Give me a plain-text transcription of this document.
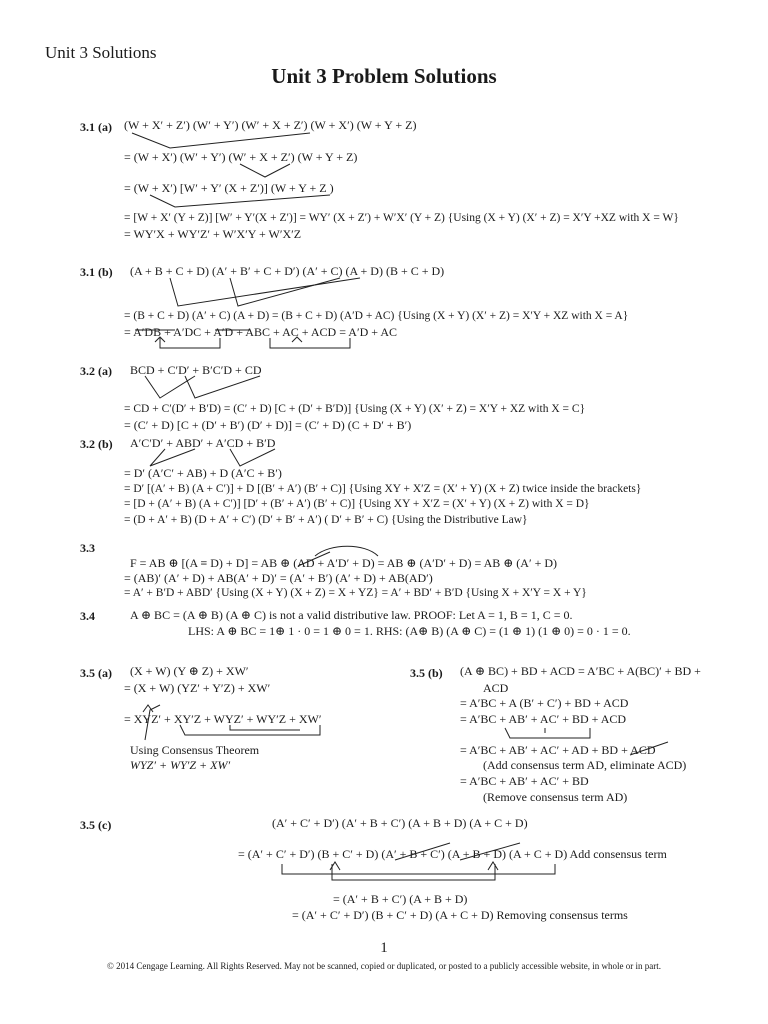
Unit 3 Solutions
Unit 3 Problem Solutions
3.1 (a) (W + X′ + Z′) (W′ + Y′) (W′ + X + Z′) (W + X′) (W + Y + Z)
= (W + X′) (W′ + Y′) (W′ + X + Z′) (W + Y + Z)
= (W + X′) [W′ + Y′ (X + Z′)] (W + Y + Z )
= [W + X′ (Y + Z)] [W′ + Y′(X + Z′)] = WY′ (X + Z′) + W′X′ (Y + Z) {Using (X + Y) (X′ + Z) = X′Y +XZ with X = W}
= WY′X + WY′Z′ + W′X′Y + W′X′Z
3.1 (b) (A + B + C + D) (A′ + B′ + C + D′) (A′ + C) (A + D) (B + C + D)
= (B + C + D) (A′ + C) (A + D) = (B + C + D) (A′D + AC) {Using (X + Y) (X′ + Z) = X′Y + XZ with X = A}
= A′DB + A′DC + A′D + ABC + AC + ACD = A′D + AC
3.2 (a) BCD + C′D′ + B′C′D + CD
= CD + C′(D′ + B′D) = (C′ + D) [C + (D′ + B′D)] {Using (X + Y) (X′ + Z) = X′Y + XZ with X = C}
= (C′ + D) [C + (D′ + B′) (D′ + D)] = (C′ + D) (C + D′ + B′)
3.2 (b) A′C′D′ + ABD′ + A′CD + B′D
= D′ (A′C′ + AB) + D (A′C + B′)
= D′ [(A′ + B) (A + C′)] + D [(B′ + A′) (B′ + C)] {Using XY + X′Z = (X′ + Y) (X + Z) twice inside the brackets}
= [D + (A′ + B) (A + C′)] [D′ + (B′ + A′) (B′ + C)] {Using XY + X′Z = (X′ + Y) (X + Z) with X = D}
= (D + A′ + B) (D + A′ + C′) (D′ + B′ + A′) ( D′ + B′ + C) {Using the Distributive Law}
3.3
F = AB ⊕ [(A ≡ D) + D] = AB ⊕ (AD + A′D′ + D) = AB ⊕ (A′D′ + D) = AB ⊕ (A′ + D)
= (AB)′ (A′ + D) + AB(A′ + D)′ = (A′ + B′) (A′ + D) + AB(AD′)
= A′ + B′D + ABD′ {Using (X + Y) (X + Z) = X + YZ} = A′ + BD′ + B′D {Using X + X′Y = X + Y}
3.4	A ⊕ BC = (A ⊕ B) (A ⊕ C) is not a valid distributive law. PROOF: Let A = 1, B = 1, C = 0.
LHS: A ⊕ BC = 1⊕ 1 · 0 = 1 ⊕ 0 = 1. RHS: (A⊕ B) (A ⊕ C) = (1 ⊕ 1) (1 ⊕ 0) = 0 · 1 = 0.
3.5 (a) (X + W) (Y ⊕ Z) + XW′
= (X + W) (YZ′ + Y′Z) + XW′
= XYZ′ + XY′Z + WYZ′ + WY′Z + XW′
Using Consensus Theorem
WYZ′ + WY′Z + XW′
3.5 (b) (A ⊕ BC) + BD + ACD = A′BC + A(BC)′ + BD +
ACD
= A′BC + A (B′ + C′) + BD + ACD
= A′BC + AB′ + AC′ + BD + ACD
= A′BC + AB′ + AC′ + AD + BD + ACD
(Add consensus term AD, eliminate ACD)
= A′BC + AB′ + AC′ + BD
(Remove consensus term AD)
3.5 (c)	(A′ + C′ + D′) (A′ + B + C′) (A + B + D) (A + C + D)
= (A′ + C′ + D′) (B + C′ + D) (A′ + B + C′) (A + B + D) (A + C + D) Add consensus term
= (A′ + B + C′) (A + B + D)
= (A′ + C′ + D′) (B + C′ + D) (A + C + D) Removing consensus terms
1
© 2014 Cengage Learning. All Rights Reserved. May not be scanned, copied or duplicated, or posted to a publicly accessible website, in whole or in part.
